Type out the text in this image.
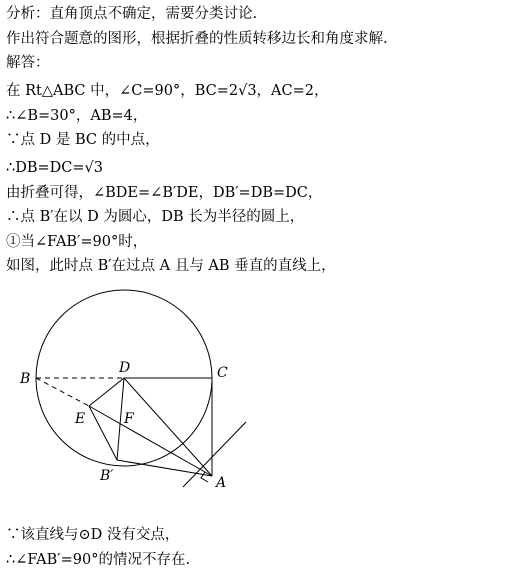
分析：直角顶点不确定，需要分类讨论.
作出符合题意的图形，根据折叠的性质转移边长和角度求解.
解答：
在 Rt△ABC 中，∠C=90°，BC=2√3，AC=2，
∴∠B=30°，AB=4，
∵点 D 是 BC 的中点，
∴DB=DC=√3
由折叠可得，∠BDE=∠B′DE，DB′=DB=DC，
∴点 B′在以 D 为圆心，DB 长为半径的圆上，
①当∠FAB′=90°时，
如图，此时点 B′在过点 A 且与 AB 垂直的直线上，
B
D	C
E	F
B′	A
∵该直线与⊙D 没有交点，
∴∠FAB′=90°的情况不存在.
